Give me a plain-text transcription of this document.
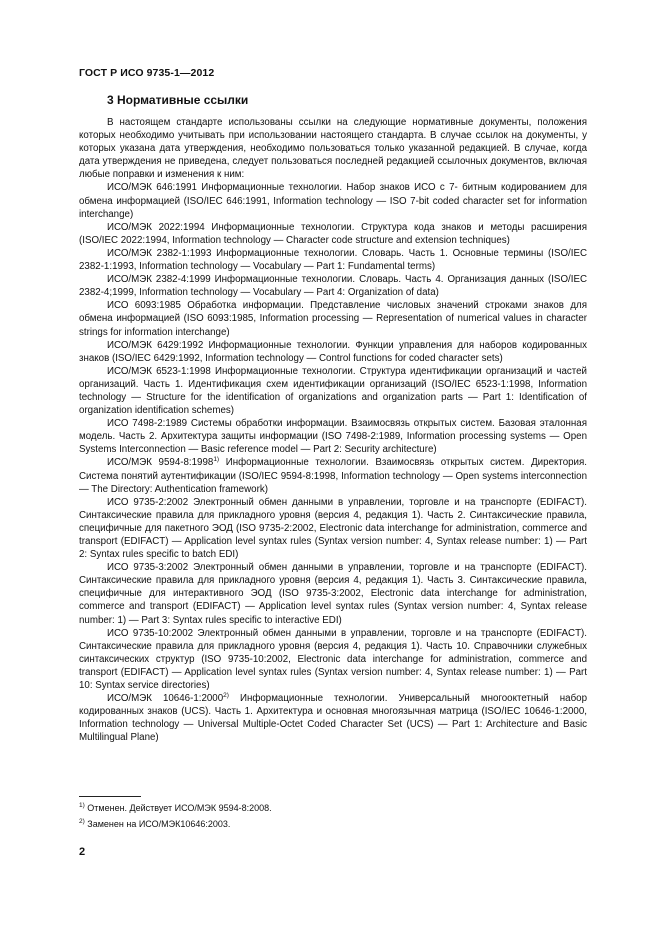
ГОСТ Р ИСО 9735-1—2012
3 Нормативные ссылки

В настоящем стандарте использованы ссылки на следующие нормативные документы, положения которых необходимо учитывать при использовании настоящего стандарта. В случае ссылок на документы, у которых указана дата утверждения, необходимо пользоваться только указанной редакцией. В случае, когда дата утверждения не приведена, следует пользоваться последней редакцией ссылочных документов, включая любые поправки и изменения к ним:

ИСО/МЭК 646:1991 Информационные технологии. Набор знаков ИСО с 7- битным кодированием для обмена информацией (ISO/IEC 646:1991, Information technology — ISO 7-bit coded character set for information interchange)

ИСО/МЭК 2022:1994 Информационные технологии. Структура кода знаков и методы расширения (ISO/IEC 2022:1994, Information technology — Character code structure and extension techniques)

ИСО/МЭК 2382-1:1993 Информационные технологии. Словарь. Часть 1. Основные термины (ISO/IEC 2382-1:1993, Information technology — Vocabulary — Part 1: Fundamental terms)

ИСО/МЭК 2382-4:1999 Информационные технологии. Словарь. Часть 4. Организация данных (ISO/IEC 2382-4;1999, Information technology — Vocabulary — Part 4: Organization of data)

ИСО 6093:1985 Обработка информации. Представление числовых значений строками знаков для обмена информацией (ISO 6093:1985, Information processing — Representation of numerical values in character strings for information interchange)

ИСО/МЭК 6429:1992 Информационные технологии. Функции управления для наборов кодированных знаков (ISO/IEC 6429:1992, Information technology — Control functions for coded character sets)

ИСО/МЭК 6523-1:1998 Информационные технологии. Структура идентификации организаций и частей организаций. Часть 1. Идентификация схем идентификации организаций (ISO/IEC 6523-1:1998, Information technology — Structure for the identification of organizations and organization parts — Part 1: Identification of organization identification schemes)

ИСО 7498-2:1989 Системы обработки информации. Взаимосвязь открытых систем. Базовая эталонная модель. Часть 2. Архитектура защиты информации (ISO 7498-2:1989, Information processing systems — Open Systems Interconnection — Basic reference model — Part 2: Security architecture)

ИСО/МЭК 9594-8:1998$^{1)}$ Информационные технологии. Взаимосвязь открытых систем. Директория. Система понятий аутентификации (ISO/IEC 9594-8:1998, Information technology — Open systems interconnection — The Directory: Authentication framework)

ИСО 9735-2:2002 Электронный обмен данными в управлении, торговле и на транспорте (EDIFACT). Синтаксические правила для прикладного уровня (версия 4, редакция 1). Часть 2. Синтаксические правила, специфичные для пакетного ЭОД (ISO 9735-2:2002, Electronic data interchange for administration, commerce and transport (EDIFACT) — Application level syntax rules (Syntax version number: 4, Syntax release number: 1) — Part 2: Syntax rules specific to batch EDI)

ИСО 9735-3:2002 Электронный обмен данными в управлении, торговле и на транспорте (EDIFACT). Синтаксические правила для прикладного уровня (версия 4, редакция 1). Часть 3. Синтаксические правила, специфичные для интерактивного ЭОД (ISO 9735-3:2002, Electronic data interchange for administration, commerce and transport (EDIFACT) — Application level syntax rules (Syntax version number: 4, Syntax release number: 1) — Part 3: Syntax rules specific to interactive EDI)

ИСО 9735-10:2002 Электронный обмен данными в управлении, торговле и на транспорте (EDIFACT). Синтаксические правила для прикладного уровня (версия 4, редакция 1). Часть 10. Справочники служебных синтаксических структур (ISO 9735-10:2002, Electronic data interchange for administration, commerce and transport (EDIFACT) — Application level syntax rules (Syntax version number: 4, Syntax release number: 1) — Part 10: Syntax service directories)

ИСО/МЭК 10646-1:2000$^{2)}$ Информационные технологии. Универсальный многооктетный набор кодированных знаков (UCS). Часть 1. Архитектура и основная многоязычная матрица (ISO/IEC 10646-1:2000, Information technology — Universal Multiple-Octet Coded Character Set (UCS) — Part 1: Architecture and Basic Multilingual Plane)

$^{1)}$ Отменен. Действует ИСО/МЭК 9594-8:2008.
$^{2)}$ Заменен на ИСО/МЭК10646:2003.
2
